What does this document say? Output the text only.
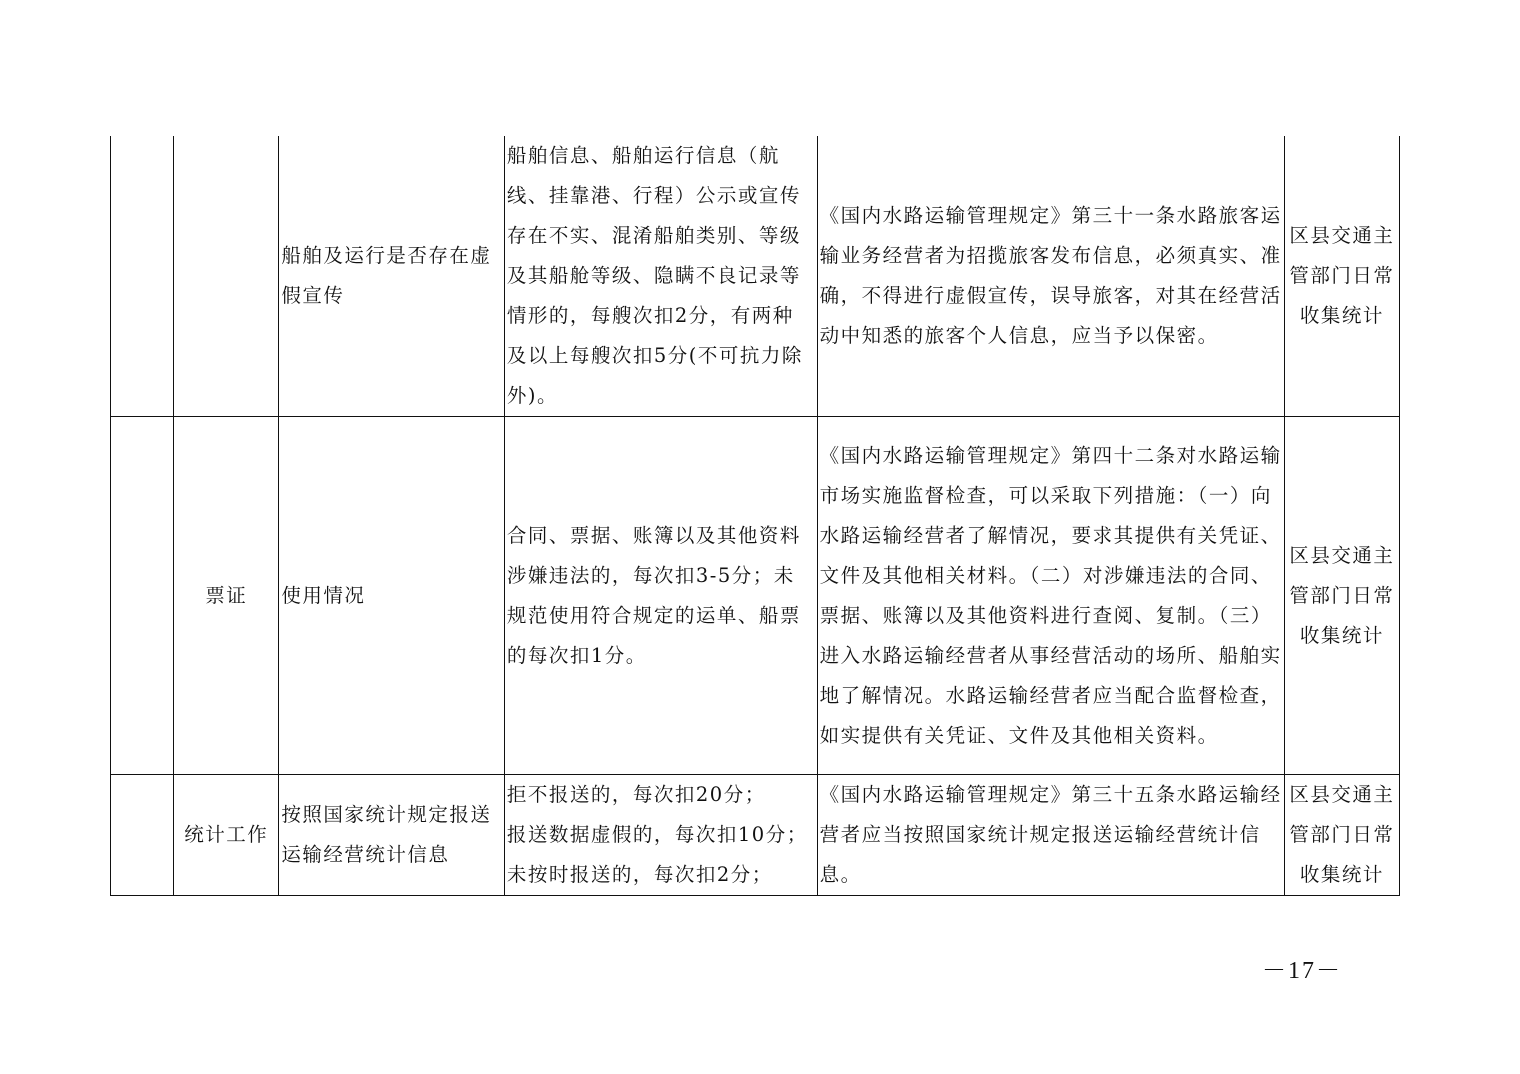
		船舶及运行是否存在虚假宣传	船舶信息、船舶运行信息（航线、挂靠港、行程）公示或宣传存在不实、混淆船舶类别、等级及其船舱等级、隐瞒不良记录等情形的，每艘次扣2分，有两种及以上每艘次扣5分(不可抗力除外)。	《国内水路运输管理规定》第三十一条水路旅客运输业务经营者为招揽旅客发布信息，必须真实、准确，不得进行虚假宣传，误导旅客，对其在经营活动中知悉的旅客个人信息，应当予以保密。	区县交通主管部门日常收集统计
	票证	使用情况	合同、票据、账簿以及其他资料涉嫌违法的，每次扣3-5分；未规范使用符合规定的运单、船票的每次扣1分。	《国内水路运输管理规定》第四十二条对水路运输市场实施监督检查，可以采取下列措施：（一）向水路运输经营者了解情况，要求其提供有关凭证、文件及其他相关材料。（二）对涉嫌违法的合同、票据、账簿以及其他资料进行查阅、复制。（三）进入水路运输经营者从事经营活动的场所、船舶实地了解情况。水路运输经营者应当配合监督检查，如实提供有关凭证、文件及其他相关资料。	区县交通主管部门日常收集统计
	统计工作	按照国家统计规定报送运输经营统计信息	拒不报送的，每次扣20分；
报送数据虚假的，每次扣10分；
未按时报送的，每次扣2分；	《国内水路运输管理规定》第三十五条水路运输经营者应当按照国家统计规定报送运输经营统计信息。	区县交通主管部门日常收集统计
－17－
